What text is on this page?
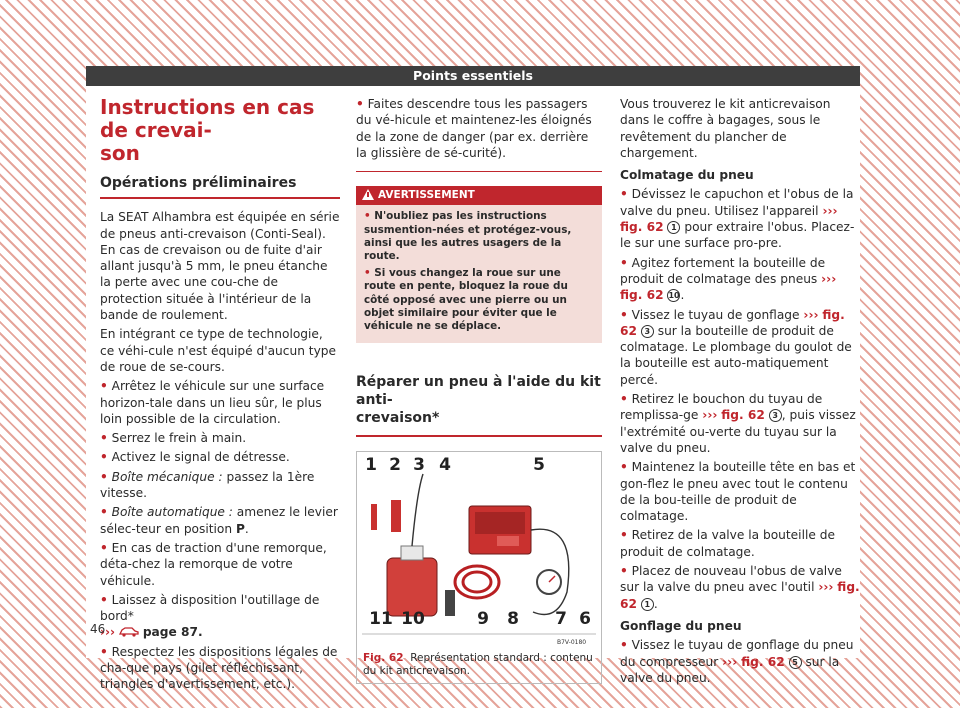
Points essentiels
Instructions en cas de crevai-
son
Opérations préliminaires

La SEAT Alhambra est équipée en série de pneus anti-crevaison (Conti-Seal). En cas de crevaison ou de fuite d'air allant jusqu'à 5 mm, le pneu étanche la perte avec une cou-che de protection située à l'intérieur de la bande de roulement.

En intégrant ce type de technologie, ce véhi-cule n'est équipé d'aucun type de roue de se-cours.

• Arrêtez le véhicule sur une surface horizon-tale dans un lieu sûr, le plus loin possible de la circulation.

• Serrez le frein à main.

• Activez le signal de détresse.

• Boîte mécanique : passez la 1ère vitesse.

• Boîte automatique : amenez le levier sélec-teur en position P.

• En cas de traction d'une remorque, déta-chez la remorque de votre véhicule.

• Laissez à disposition l'outillage de bord*
››› page 87.

• Respectez les dispositions légales de cha-que pays (gilet réfléchissant, triangles d'avertissement, etc.).

• Faites descendre tous les passagers du vé-hicule et maintenez-les éloignés de la zone de danger (par ex. derrière la glissière de sé-curité).

AVERTISSEMENT

• N'oubliez pas les instructions susmention-nées et protégez-vous, ainsi que les autres usagers de la route.

• Si vous changez la roue sur une route en pente, bloquez la roue du côté opposé avec une pierre ou un objet similaire pour éviter que le véhicule ne se déplace.

Réparer un pneu à l'aide du kit anti-
crevaison*
B7V-0180
1 2 3 4	5
6
7
8
9
10
11
Fig. 62 Représentation standard : contenu du kit anticrevaison.

Vous trouverez le kit anticrevaison dans le coffre à bagages, sous le revêtement du plancher de chargement.

Colmatage du pneu

• Dévissez le capuchon et l'obus de la valve du pneu. Utilisez l'appareil ››› fig. 62 1 pour extraire l'obus. Placez-le sur une surface pro-pre.

• Agitez fortement la bouteille de produit de colmatage des pneus ››› fig. 62 10.

• Vissez le tuyau de gonflage ››› fig. 62 3 sur la bouteille de produit de colmatage. Le plombage du goulot de la bouteille est auto-matiquement percé.

• Retirez le bouchon du tuyau de remplissa-ge ››› fig. 62 3 , puis vissez l'extrémité ou-verte du tuyau sur la valve du pneu.

• Maintenez la bouteille tête en bas et gon-flez le pneu avec tout le contenu de la bou-teille de produit de colmatage.

• Retirez de la valve la bouteille de produit de colmatage.

• Placez de nouveau l'obus de valve sur la valve du pneu avec l'outil ››› fig. 62 1 .

Gonflage du pneu

• Vissez le tuyau de gonflage du pneu du compresseur ››› fig. 62 5 sur la valve du pneu.

46
